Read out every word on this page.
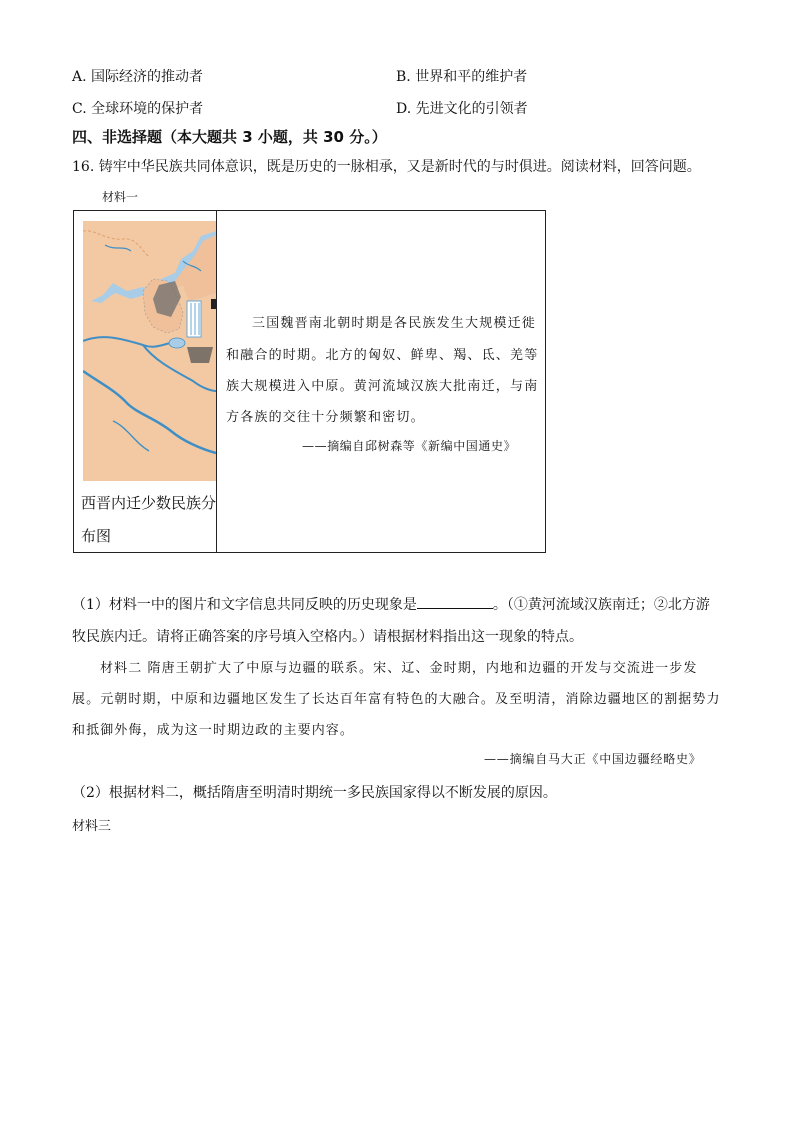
A. 国际经济的推动者	B. 世界和平的维护者
C. 全球环境的保护者	D. 先进文化的引领者
四、非选择题（本大题共 3 小题，共 30 分。）
16. 铸牢中华民族共同体意识，既是历史的一脉相承，又是新时代的与时俱进。阅读材料，回答问题。
材料一
西晋内迁少数民族分
布图
三国魏晋南北朝时期是各民族发生大规模迁徙
和融合的时期。北方的匈奴、鲜卑、羯、氐、羌等
族大规模进入中原。黄河流域汉族大批南迁，与南
方各族的交往十分频繁和密切。
——摘编自邱树森等《新编中国通史》
（1）材料一中的图片和文字信息共同反映的历史现象是	。（①黄河流域汉族南迁；②北方游
牧民族内迁。请将正确答案的序号填入空格内。）请根据材料指出这一现象的特点。
材料二 隋唐王朝扩大了中原与边疆的联系。宋、辽、金时期，内地和边疆的开发与交流进一步发
展。元朝时期，中原和边疆地区发生了长达百年富有特色的大融合。及至明清，消除边疆地区的割据势力
和抵御外侮，成为这一时期边政的主要内容。
——摘编自马大正《中国边疆经略史》
（2）根据材料二，概括隋唐至明清时期统一多民族国家得以不断发展的原因。
材料三
